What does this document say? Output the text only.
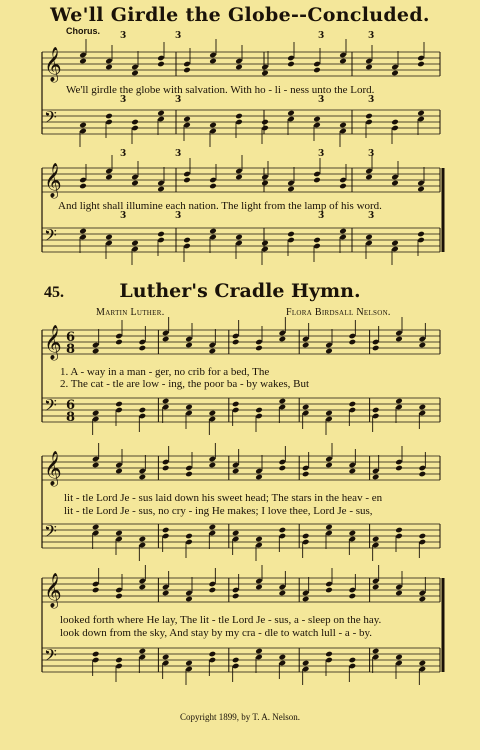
We'll Girdle the Globe--Concluded.
Chorus.
We'll girdle the globe with salvation. With ho - li - ness unto the Lord.
And light shall illumine each nation. The light from the lamp of his word.
45.	Luther's Cradle Hymn.
Martin Luther.	Flora Birdsall Nelson.
1. A - way in a man - ger, no crib for a bed, The
2. The cat - tle are low - ing, the poor ba - by wakes, But
lit - tle Lord Je - sus laid down his sweet head; The stars in the heav - en
lit - tle Lord Je - sus, no cry - ing He makes; I love thee, Lord Je - sus,
looked forth where He lay, The lit - tle Lord Je - sus, a - sleep on the hay.
look down from the sky, And stay by my cra - dle to watch lull - a - by.
Copyright 1899, by T. A. Nelson.
3	3	3	3
𝄞
𝄢
3	3	3	3
3	3	3	3
𝄞
𝄢
3	3	3	3
𝄞
𝄢
6
8
6
8
𝄞
𝄢
𝄞
𝄢
